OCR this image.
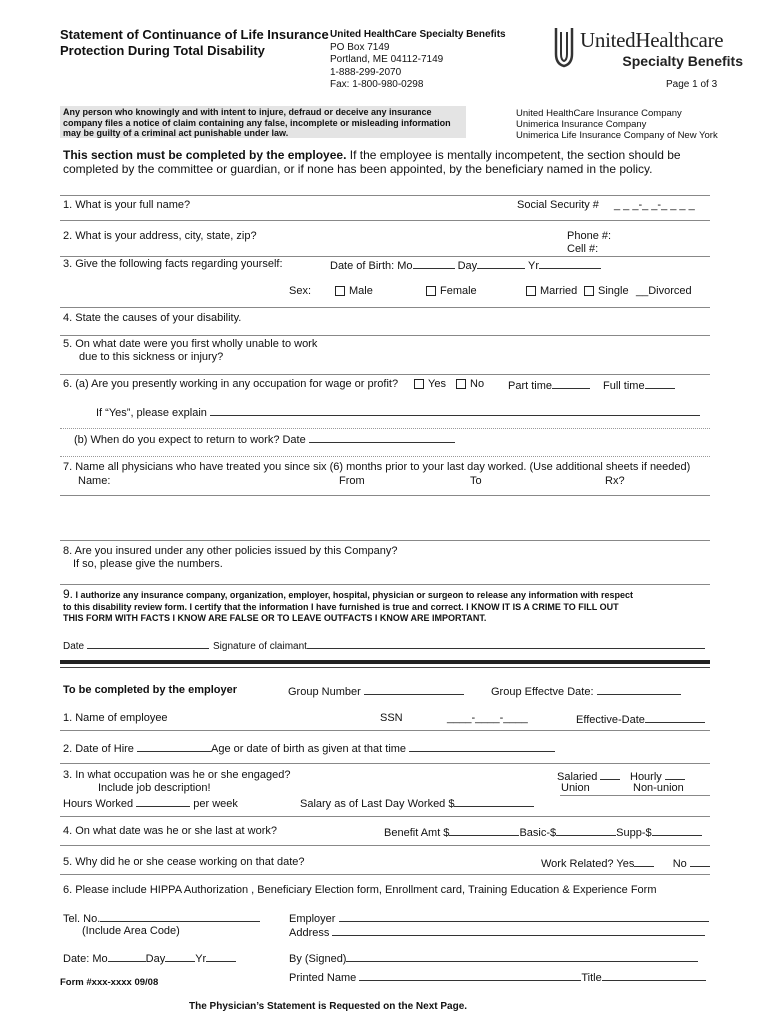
Statement of Continuance of Life Insurance
Protection During Total Disability
United HealthCare Specialty Benefits
PO Box 7149
Portland, ME 04112-7149
1-888-299-2070
Fax: 1-800-980-0298
UnitedHealthcare
Specialty Benefits
Page 1 of 3
Any person who knowingly and with intent to injure, defraud or deceive any insurance
company files a notice of claim containing any false, incomplete or misleading information
may be guilty of a criminal act punishable under law.
United HealthCare Insurance Company
Unimerica Insurance Company
Unimerica Life Insurance Company of New York
This section must be completed by the employee. If the employee is mentally incompetent, the section should be
completed by the committee or guardian, or if none has been appointed, by the beneficiary named in the policy.
1. What is your full name?	Social Security # _ _ _-_ _-_ _ _ _
2. What is your address, city, state, zip?	Phone #:
Cell #:
3. Give the following facts regarding yourself:	Date of Birth: Mo	Day	Yr
Sex:	Male	Female	Married	Single __Divorced
4. State the causes of your disability.
5. On what date were you first wholly unable to work
due to this sickness or injury?
6. (a) Are you presently working in any occupation for wage or profit?	Yes	No Part time	Full time
If “Yes”, please explain
(b) When do you expect to return to work? Date
7. Name all physicians who have treated you since six (6) months prior to your last day worked. (Use additional sheets if needed)
Name:	From	To	Rx?
8. Are you insured under any other policies issued by this Company?
If so, please give the numbers.
9. I authorize any insurance company, organization, employer, hospital, physician or surgeon to release any information with respect
to this disability review form. I certify that the information I have furnished is true and correct. I KNOW IT IS A CRIME TO FILL OUT
THIS FORM WITH FACTS I KNOW ARE FALSE OR TO LEAVE OUTFACTS I KNOW ARE IMPORTANT.
Date	Signature of claimant
To be completed by the employer	Group Number	Group Effectve Date:
1. Name of employee	SSN	____-____-____	Effective-Date
2. Date of Hire	Age or date of birth as given at that time
3. In what occupation was he or she engaged?
Include job description!
Salaried	Hourly
Union	Non-union
Hours Worked	per week	Salary as of Last Day Worked $
4. On what date was he or she last at work?	Benefit Amt $	Basic-$	Supp-$
5. Why did he or she cease working on that date?	Work Related? Yes	No
6. Please include HIPPA Authorization , Beneficiary Election form, Enrollment card, Training Education & Experience Form
Tel. No.
(Include Area Code)
Employer
Address
Date: Mo	Day	Yr	By (Signed)
Printed Name	Title
Form #xxx-xxxx 09/08
The Physician’s Statement is Requested on the Next Page.
